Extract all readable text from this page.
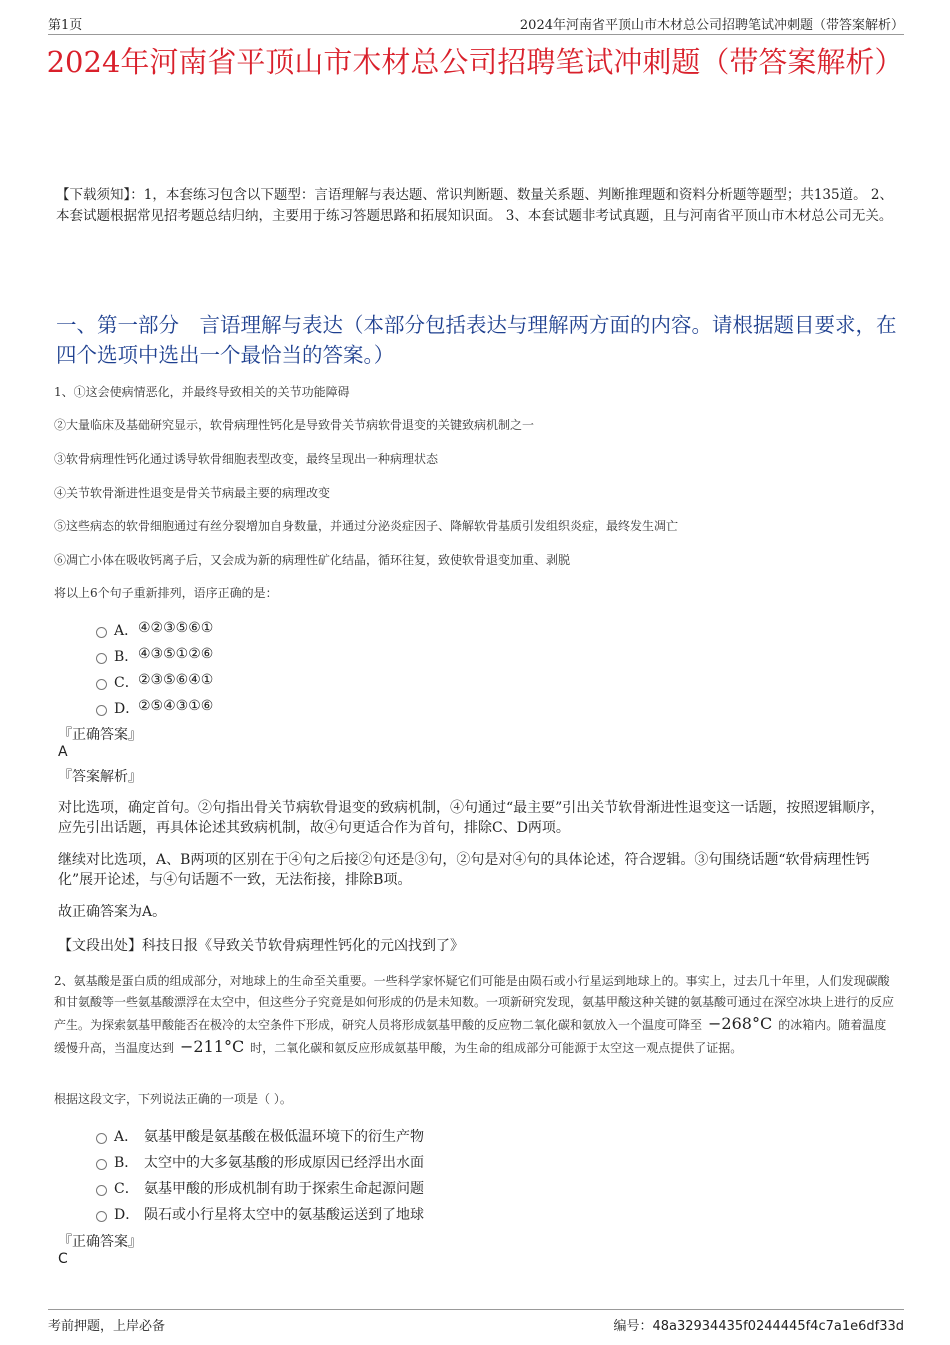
第1页	2024年河南省平顶山市木材总公司招聘笔试冲刺题（带答案解析）
2024年河南省平顶山市木材总公司招聘笔试冲刺题（带答案解析）
【下载须知】：1，本套练习包含以下题型：言语理解与表达题、常识判断题、数量关系题、判断推理题和资料分析题等题型；共135道。 2、本套试题根据常见招考题总结归纳，主要用于练习答题思路和拓展知识面。 3、本套试题非考试真题，且与河南省平顶山市木材总公司无关。
一、第一部分　言语理解与表达（本部分包括表达与理解两方面的内容。请根据题目要求，在四个选项中选出一个最恰当的答案。）
1、①这会使病情恶化，并最终导致相关的关节功能障碍
②大量临床及基础研究显示，软骨病理性钙化是导致骨关节病软骨退变的关键致病机制之一
③软骨病理性钙化通过诱导软骨细胞表型改变，最终呈现出一种病理状态
④关节软骨渐进性退变是骨关节病最主要的病理改变
⑤这些病态的软骨细胞通过有丝分裂增加自身数量，并通过分泌炎症因子、降解软骨基质引发组织炎症，最终发生凋亡
⑥凋亡小体在吸收钙离子后，又会成为新的病理性矿化结晶，循环往复，致使软骨退变加重、剥脱
将以上6个句子重新排列，语序正确的是：
A． ④②③⑤⑥①
B． ④③⑤①②⑥
C． ②③⑤⑥④①
D．
②⑤④③①⑥
『正确答案』
A
『答案解析』
对比选项，确定首句。②句指出骨关节病软骨退变的致病机制，④句通过“最主要”引出关节软骨渐进性退变这一话题，按照逻辑顺序，应先引出话题，再具体论述其致病机制，故④句更适合作为首句，排除C、D两项。
继续对比选项，A、B两项的区别在于④句之后接②句还是③句，②句是对④句的具体论述，符合逻辑。③句围绕话题“软骨病理性钙化”展开论述，与④句话题不一致，无法衔接，排除B项。
故正确答案为A。
【文段出处】科技日报《导致关节软骨病理性钙化的元凶找到了》
2、氨基酸是蛋白质的组成部分，对地球上的生命至关重要。一些科学家怀疑它们可能是由陨石或小行星运到地球上的。事实上，过去几十年里，人们发现碳酸和甘氨酸等一些氨基酸漂浮在太空中，但这些分子究竟是如何形成的仍是未知数。一项新研究发现，氨基甲酸这种关键的氨基酸可通过在深空冰块上进行的反应产生。为探索氨基甲酸能否在极冷的太空条件下形成，研究人员将形成氨基甲酸的反应物二氧化碳和氨放入一个温度可降至 −268°C 的冰箱内。随着温度缓慢升高，当温度达到 −211°C 时，二氧化碳和氨反应形成氨基甲酸，为生命的组成部分可能源于太空这一观点提供了证据。
根据这段文字，下列说法正确的一项是（ ）。
A． 氨基甲酸是氨基酸在极低温环境下的衍生产物
B． 太空中的大多氨基酸的形成原因已经浮出水面
C． 氨基甲酸的形成机制有助于探索生命起源问题
D． 陨石或小行星将太空中的氨基酸运送到了地球
『正确答案』
C
考前押题，上岸必备	编号：48a32934435f0244445f4c7a1e6df33d
